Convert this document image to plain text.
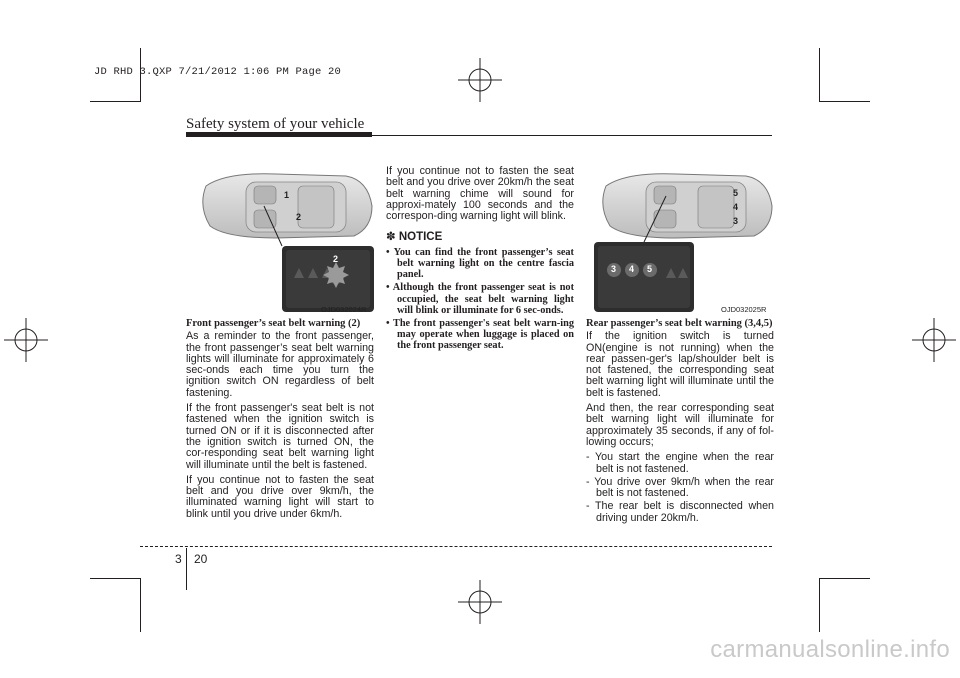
JD RHD 3.QXP 7/21/2012 1:06 PM Page 20
Safety system of your vehicle
1
2
2
OJD032024R
5
4
3
3 4 5
OJD032025R
Front passenger’s seat belt warning (2)

As a reminder to the front passenger, the front passenger’s seat belt warning lights will illuminate for approximately 6 sec-onds each time you turn the ignition switch ON regardless of belt fastening.

If the front passenger's seat belt is not fastened when the ignition switch is turned ON or if it is disconnected after the ignition switch is turned ON, the cor-responding seat belt warning light will illuminate until the belt is fastened.

If you continue not to fasten the seat belt and you drive over 9km/h, the illuminated warning light will start to blink until you drive under 6km/h.

If you continue not to fasten the seat belt and you drive over 20km/h the seat belt warning chime will sound for approxi-mately 100 seconds and the correspon-ding warning light will blink.

✽ NOTICE
• You can find the front passenger’s seat belt warning light on the centre fascia panel.
• Although the front passenger seat is not occupied, the seat belt warning light will blink or illuminate for 6 sec-onds.
• The front passenger's seat belt warn-ing may operate when luggage is placed on the front passenger seat.
Rear passenger’s seat belt warning (3,4,5)

If the ignition switch is turned ON(engine is not running) when the rear passen-ger's lap/shoulder belt is not fastened, the corresponding seat belt warning light will illuminate until the belt is fastened.

And then, the rear corresponding seat belt warning light will illuminate for approximately 35 seconds, if any of fol-lowing occurs;

- You start the engine when the rear belt is not fastened.
- You drive over 9km/h when the rear belt is not fastened.
- The rear belt is disconnected when driving under 20km/h.
3 20
carmanualsonline.info
